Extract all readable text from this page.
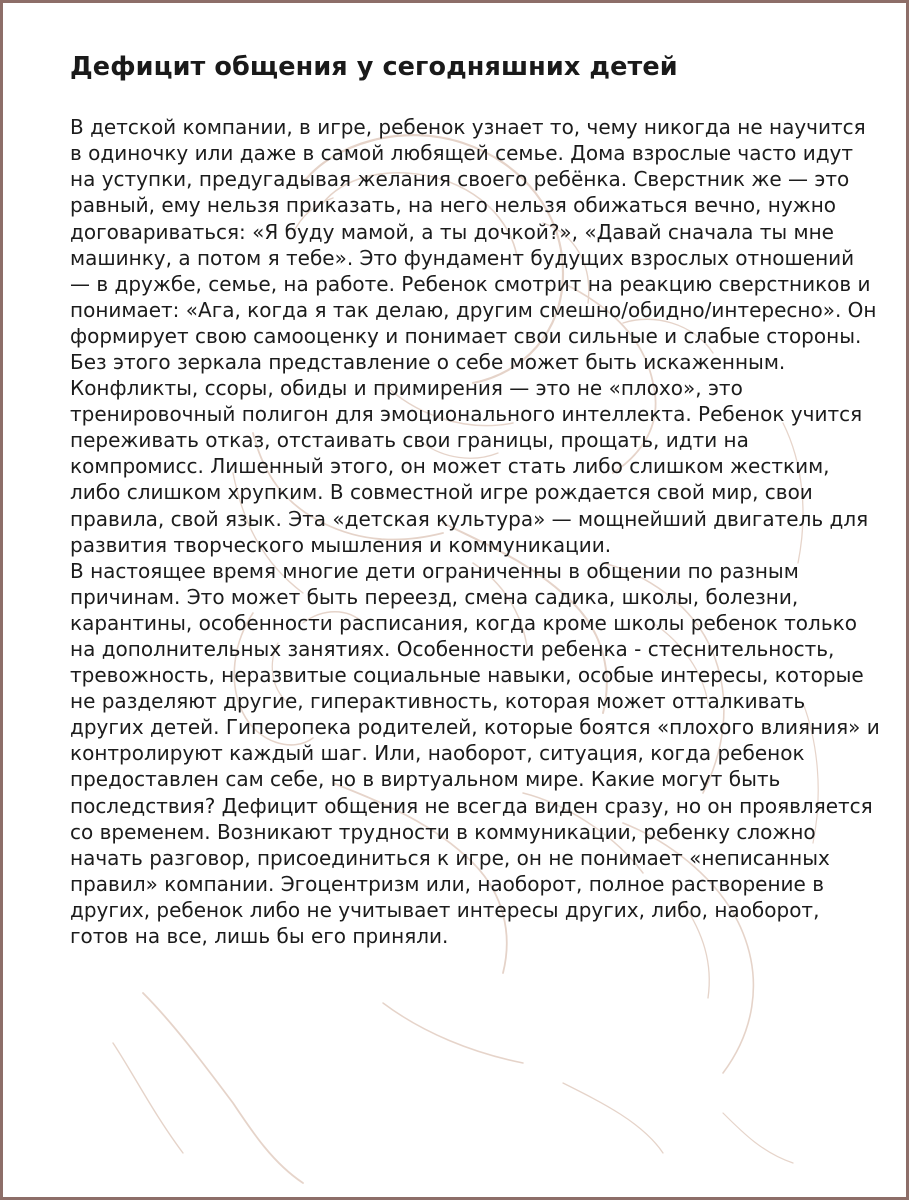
Дефицит общения у сегодняшних детей

В детской компании, в игре, ребенок узнает то, чему никогда не научится в одиночку или даже в самой любящей семье. Дома взрослые часто идут на уступки, предугадывая желания своего ребёнка. Сверстник же — это равный, ему нельзя приказать, на него нельзя обижаться вечно, нужно договариваться: «Я буду мамой, а ты дочкой?», «Давай сначала ты мне машинку, а потом я тебе». Это фундамент будущих взрослых отношений — в дружбе, семье, на работе. Ребенок смотрит на реакцию сверстников и понимает: «Ага, когда я так делаю, другим смешно/обидно/интересно». Он формирует свою самооценку и понимает свои сильные и слабые стороны. Без этого зеркала представление о себе может быть искаженным. Конфликты, ссоры, обиды и примирения — это не «плохо», это тренировочный полигон для эмоционального интеллекта. Ребенок учится переживать отказ, отстаивать свои границы, прощать, идти на компромисс. Лишенный этого, он может стать либо слишком жестким, либо слишком хрупким. В совместной игре рождается свой мир, свои правила, свой язык. Эта «детская культура» — мощнейший двигатель для развития творческого мышления и коммуникации.

В настоящее время многие дети ограниченны в общении по разным причинам. Это может быть переезд, смена садика, школы, болезни, карантины, особенности расписания, когда кроме школы ребенок только на дополнительных занятиях. Особенности ребенка - стеснительность, тревожность, неразвитые социальные навыки, особые интересы, которые не разделяют другие, гиперактивность, которая может отталкивать других детей. Гиперопека родителей, которые боятся «плохого влияния» и контролируют каждый шаг. Или, наоборот, ситуация, когда ребенок предоставлен сам себе, но в виртуальном мире. Какие могут быть последствия? Дефицит общения не всегда виден сразу, но он проявляется со временем. Возникают трудности в коммуникации, ребенку сложно начать разговор, присоединиться к игре, он не понимает «неписанных правил» компании. Эгоцентризм или, наоборот, полное растворение в других, ребенок либо не учитывает интересы других, либо, наоборот, готов на все, лишь бы его приняли.
